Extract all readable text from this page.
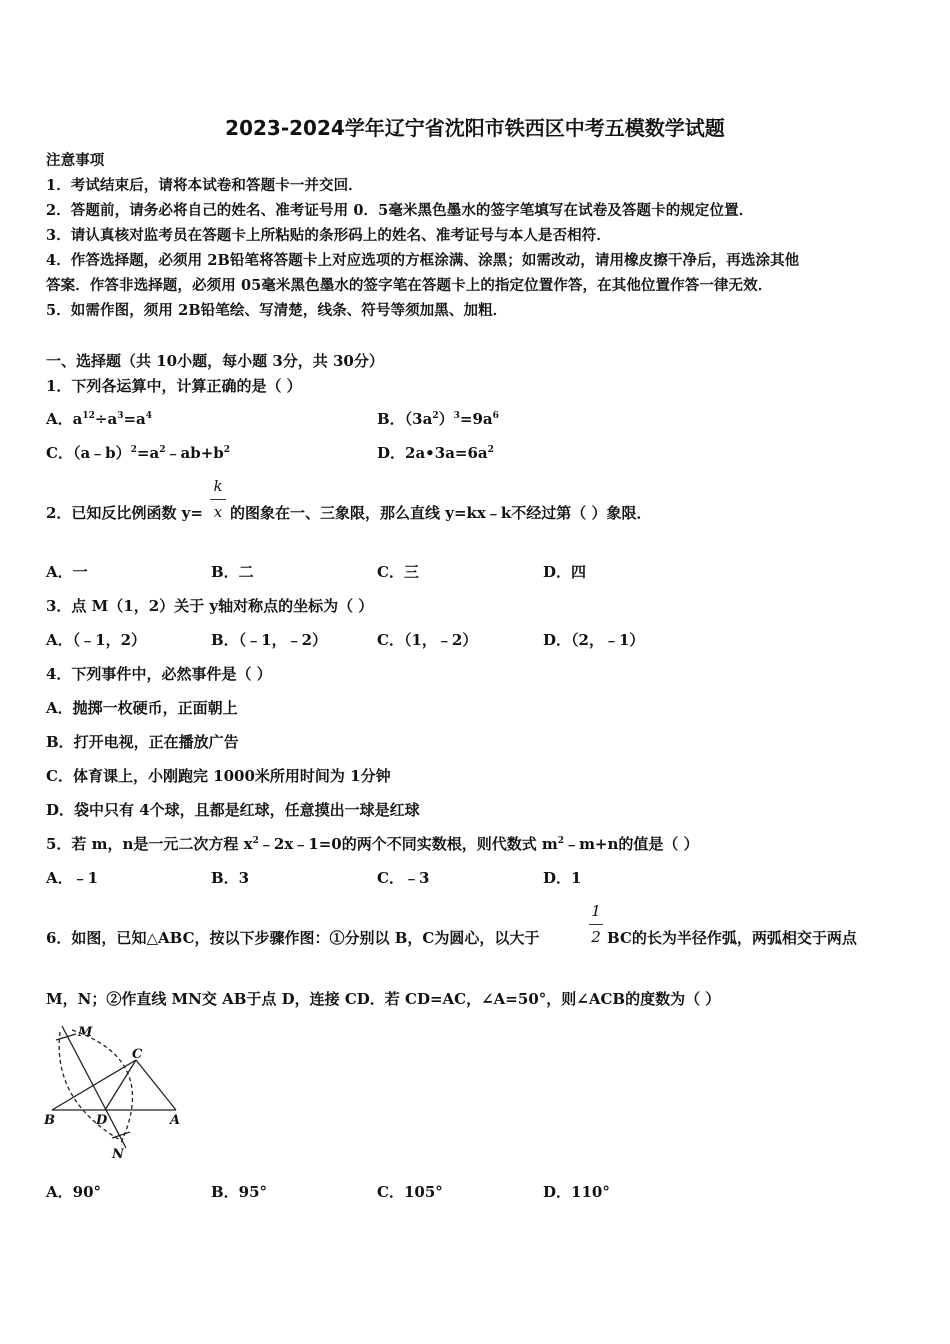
2023-2024学年辽宁省沈阳市铁西区中考五模数学试题
注意事项
1．考试结束后，请将本试卷和答题卡一并交回．
2．答题前，请务必将自己的姓名、准考证号用 0．5毫米黑色墨水的签字笔填写在试卷及答题卡的规定位置．
3．请认真核对监考员在答题卡上所粘贴的条形码上的姓名、准考证号与本人是否相符．
4．作答选择题，必须用 2B铅笔将答题卡上对应选项的方框涂满、涂黑；如需改动，请用橡皮擦干净后，再选涂其他
答案．作答非选择题，必须用 05毫米黑色墨水的签字笔在答题卡上的指定位置作答，在其他位置作答一律无效．
5．如需作图，须用 2B铅笔绘、写清楚，线条、符号等须加黑、加粗．
一、选择题（共 10小题，每小题 3分，共 30分）
1．下列各运算中，计算正确的是（ ）
A．$a^{12}\div a^3=a^4$	B．$(3a^2)^3=9a^6$
C．$(a﹣b)^2=a^2﹣ab+b^2$	D．$2a•3a=6a^2$
2．已知反比例函数 y=
k
x 的图象在一、三象限，那么直线 y=kx﹣k不经过第（ ）象限．
A．一	B．二	C．三	D．四
3．点 M（1，2）关于 y轴对称点的坐标为（ ）
A．（﹣1，2）	B．（﹣1，﹣2）	C．（1，﹣2）	D．（2，﹣1）
4．下列事件中，必然事件是（ ）
A．抛掷一枚硬币，正面朝上
B．打开电视，正在播放广告
C．体育课上，小刚跑完 1000米所用时间为 1分钟
D．袋中只有 4个球，且都是红球，任意摸出一球是红球
5．若 m，n是一元二次方程 $x^2﹣2x﹣1=0$的两个不同实数根，则代数式 $m^2﹣m+n$的值是（ ）
A．﹣1	B．3	C．﹣3	D．1
6．如图，已知△ABC，按以下步骤作图：①分别以 B，C为圆心，以大于
1
2 BC的长为半径作弧，两弧相交于两点
M，N；②作直线 MN交 AB于点 D，连接 CD．若 CD=AC，∠A=50°，则∠ACB的度数为（ ）
M
C
B	D	A
N
A．90°	B．95°	C．105°	D．110°
